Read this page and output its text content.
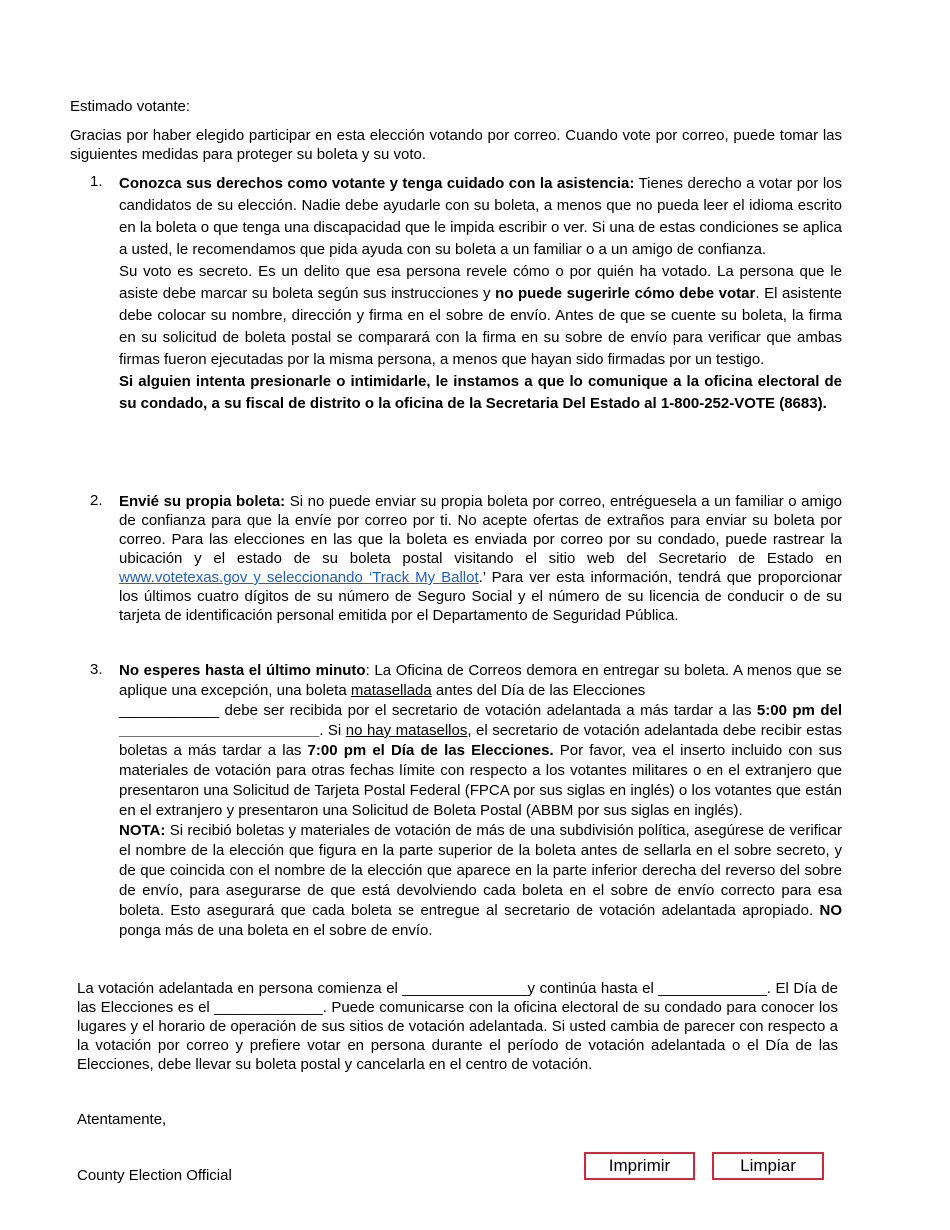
Estimado votante:

Gracias por haber elegido participar en esta elección votando por correo. Cuando vote por correo, puede tomar las siguientes medidas para proteger su boleta y su voto.

1. Conozca sus derechos como votante y tenga cuidado con la asistencia: Tienes derecho a votar por los candidatos de su elección. Nadie debe ayudarle con su boleta, a menos que no pueda leer el idioma escrito en la boleta o que tenga una discapacidad que le impida escribir o ver. Si una de estas condiciones se aplica a usted, le recomendamos que pida ayuda con su boleta a un familiar o a un amigo de confianza.
Su voto es secreto. Es un delito que esa persona revele cómo o por quién ha votado. La persona que le asiste debe marcar su boleta según sus instrucciones y no puede sugerirle cómo debe votar. El asistente debe colocar su nombre, dirección y firma en el sobre de envío. Antes de que se cuente su boleta, la firma en su solicitud de boleta postal se comparará con la firma en su sobre de envío para verificar que ambas firmas fueron ejecutadas por la misma persona, a menos que hayan sido firmadas por un testigo.
Si alguien intenta presionarle o intimidarle, le instamos a que lo comunique a la oficina electoral de su condado, a su fiscal de distrito o la oficina de la Secretaria Del Estado al 1-800-252-VOTE (8683).
2. Envié su propia boleta: Si no puede enviar su propia boleta por correo, entréguesela a un familiar o amigo de confianza para que la envíe por correo por ti. No acepte ofertas de extraños para enviar su boleta por correo. Para las elecciones en las que la boleta es enviada por correo por su condado, puede rastrear la ubicación y el estado de su boleta postal visitando el sitio web del Secretario de Estado en www.votetexas.gov y seleccionando ‘Track My Ballot.’ Para ver esta información, tendrá que proporcionar los últimos cuatro dígitos de su número de Seguro Social y el número de su licencia de conducir o de su tarjeta de identificación personal emitida por el Departamento de Seguridad Pública.
3. No esperes hasta el último minuto: La Oficina de Correos demora en entregar su boleta. A menos que se aplique una excepción, una boleta matasellada antes del Día de las Elecciones
____________ debe ser recibida por el secretario de votación adelantada a más tardar a las 5:00 pm del ________________________. Si no hay matasellos, el secretario de votación adelantada debe recibir estas boletas a más tardar a las 7:00 pm el Día de las Elecciones. Por favor, vea el inserto incluido con sus materiales de votación para otras fechas límite con respecto a los votantes militares o en el extranjero que presentaron una Solicitud de Tarjeta Postal Federal (FPCA por sus siglas en inglés) o los votantes que están en el extranjero y presentaron una Solicitud de Boleta Postal (ABBM por sus siglas en inglés).
NOTA: Si recibió boletas y materiales de votación de más de una subdivisión política, asegúrese de verificar el nombre de la elección que figura en la parte superior de la boleta antes de sellarla en el sobre secreto, y de que coincida con el nombre de la elección que aparece en la parte inferior derecha del reverso del sobre de envío, para asegurarse de que está devolviendo cada boleta en el sobre de envío correcto para esa boleta. Esto asegurará que cada boleta se entregue al secretario de votación adelantada apropiado. NO ponga más de una boleta en el sobre de envío.

La votación adelantada en persona comienza el _______________y continúa hasta el _____________. El Día de las Elecciones es el _____________. Puede comunicarse con la oficina electoral de su condado para conocer los lugares y el horario de operación de sus sitios de votación adelantada. Si usted cambia de parecer con respecto a la votación por correo y prefiere votar en persona durante el período de votación adelantada o el Día de las Elecciones, debe llevar su boleta postal y cancelarla en el centro de votación.

Atentamente,

County Election Official

Imprimir	Limpiar
